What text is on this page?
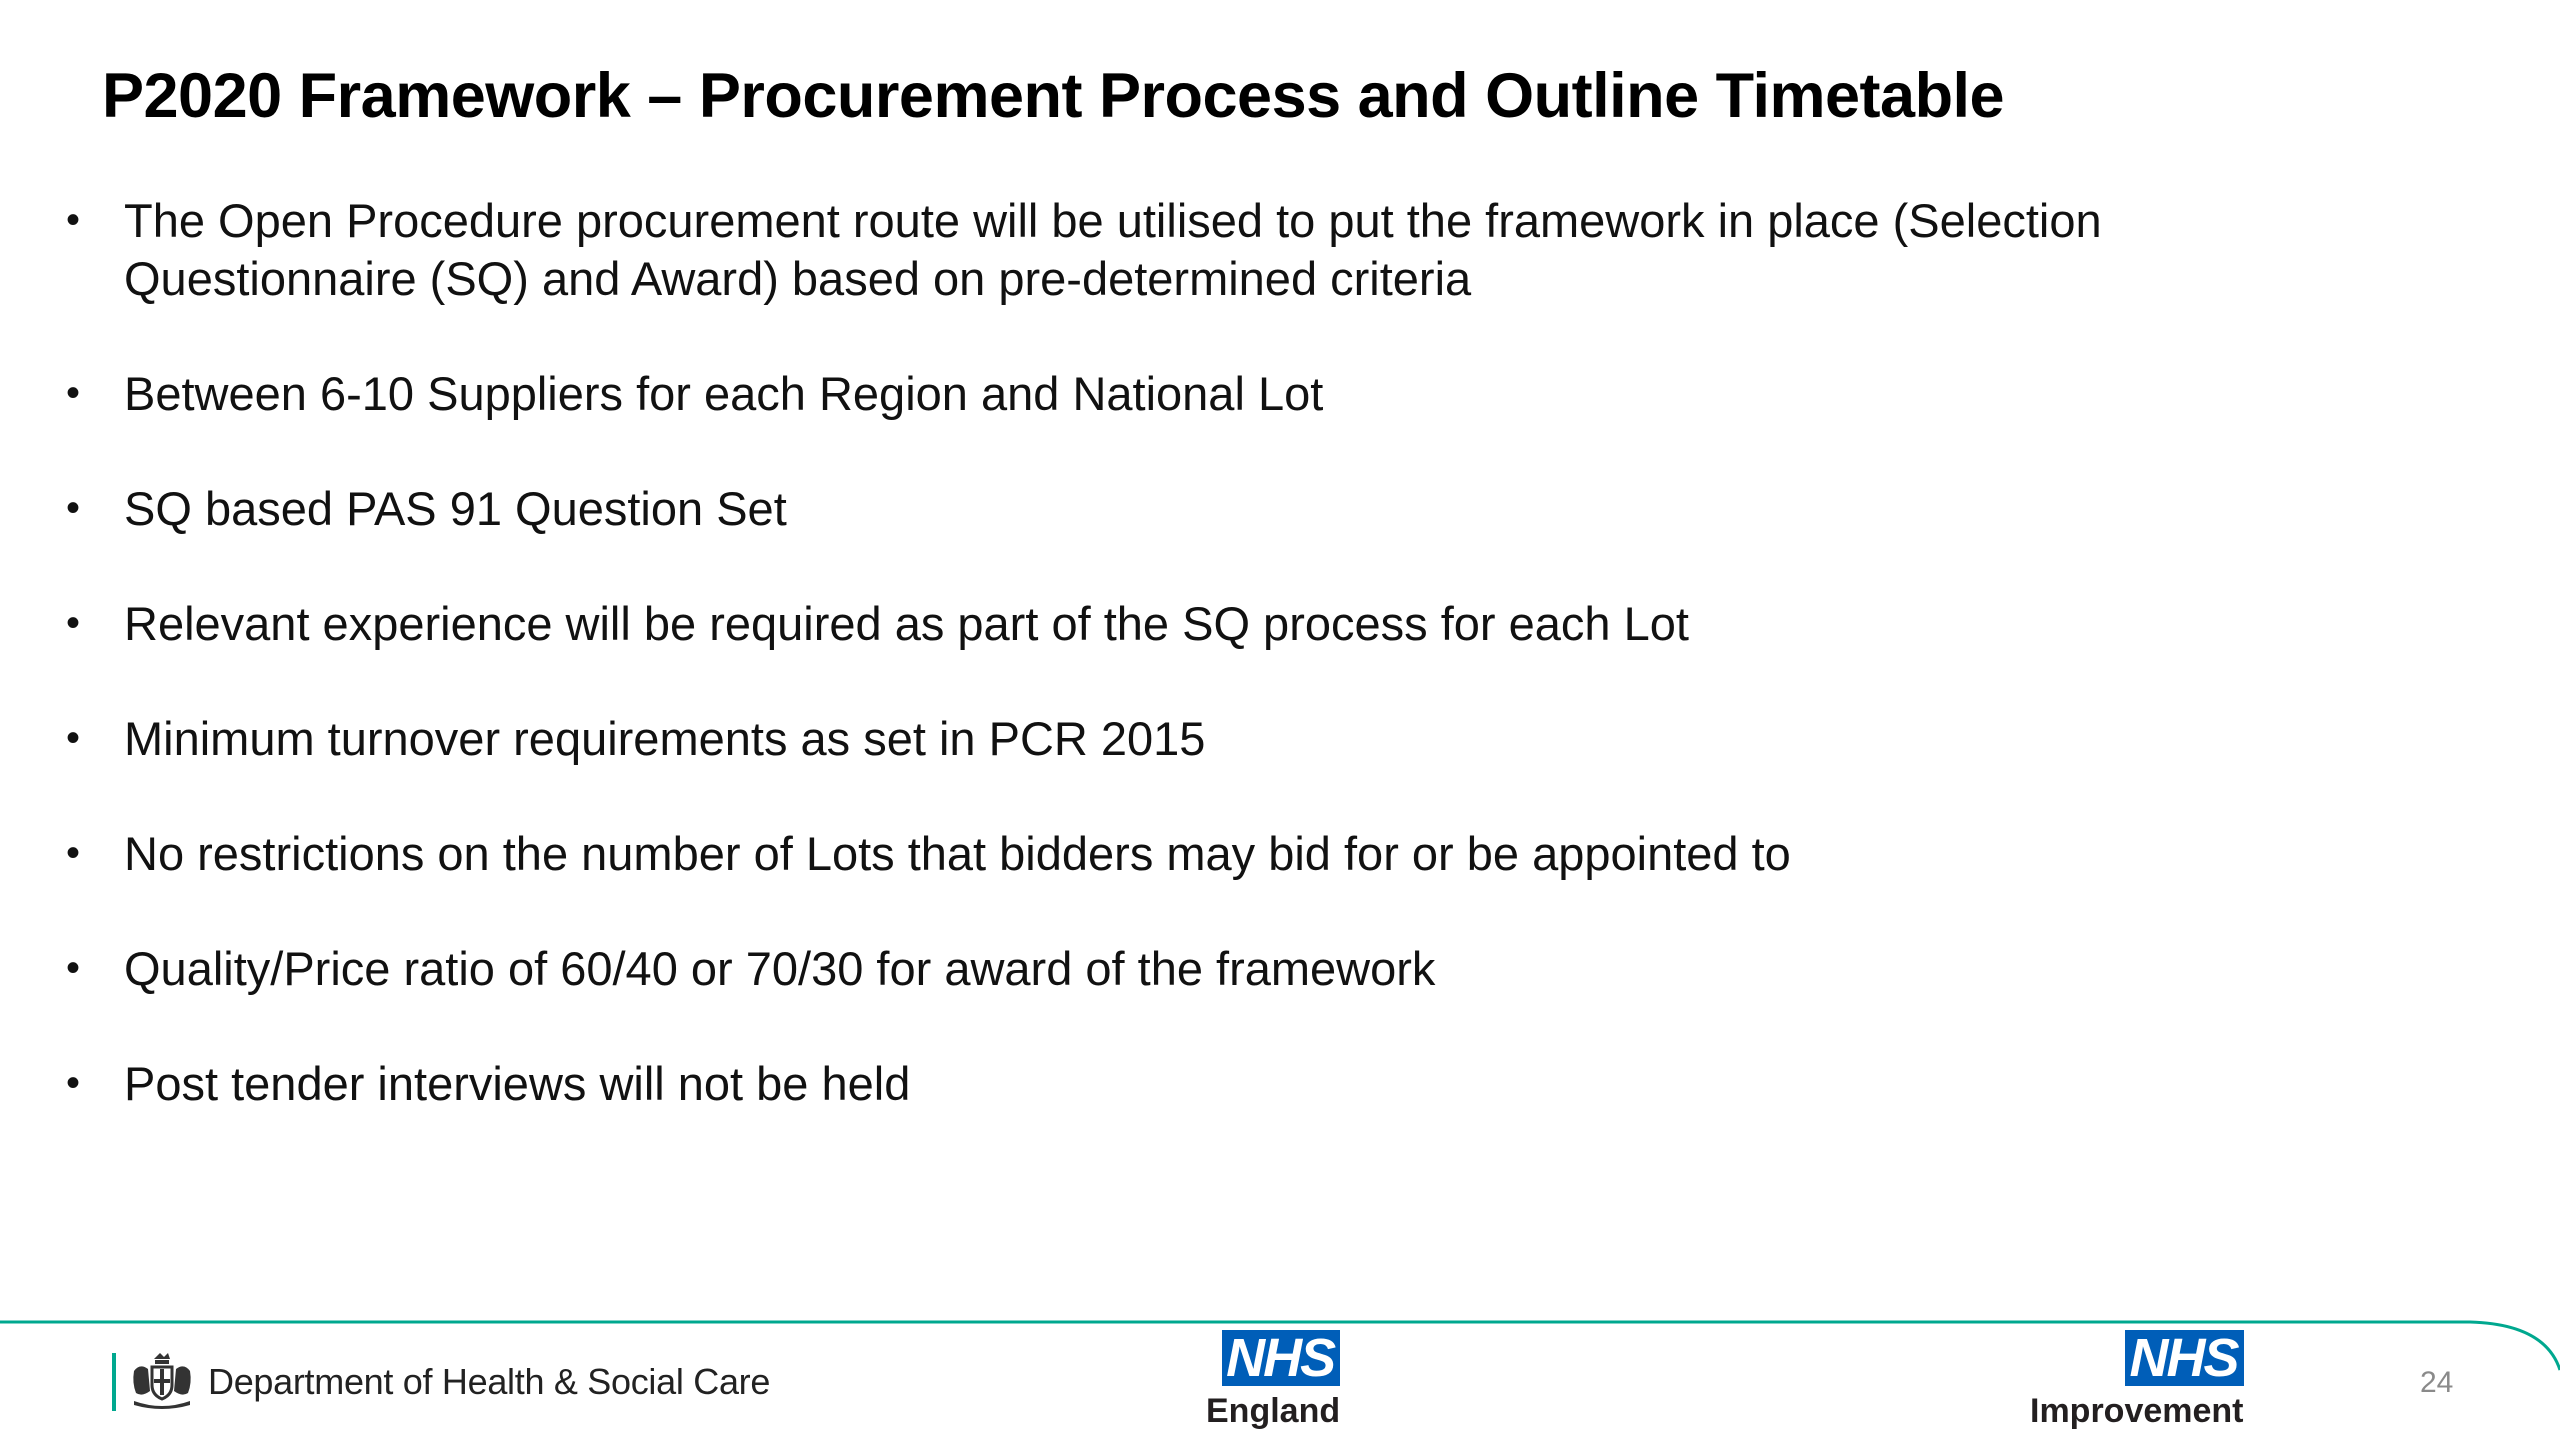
P2020 Framework – Procurement Process and Outline Timetable
• The Open Procedure procurement route will be utilised to put the framework in place (Selection Questionnaire (SQ) and Award) based on pre-determined criteria
• Between 6-10 Suppliers for each Region and National Lot
• SQ based PAS 91 Question Set
• Relevant experience will be required as part of the SQ process for each Lot
• Minimum turnover requirements as set in PCR 2015
• No restrictions on the number of Lots that bidders may bid for or be appointed to
• Quality/Price ratio of 60/40 or 70/30 for award of the framework
• Post tender interviews will not be held
Department of Health & Social Care	NHS
England
NHS
Improvement
24
